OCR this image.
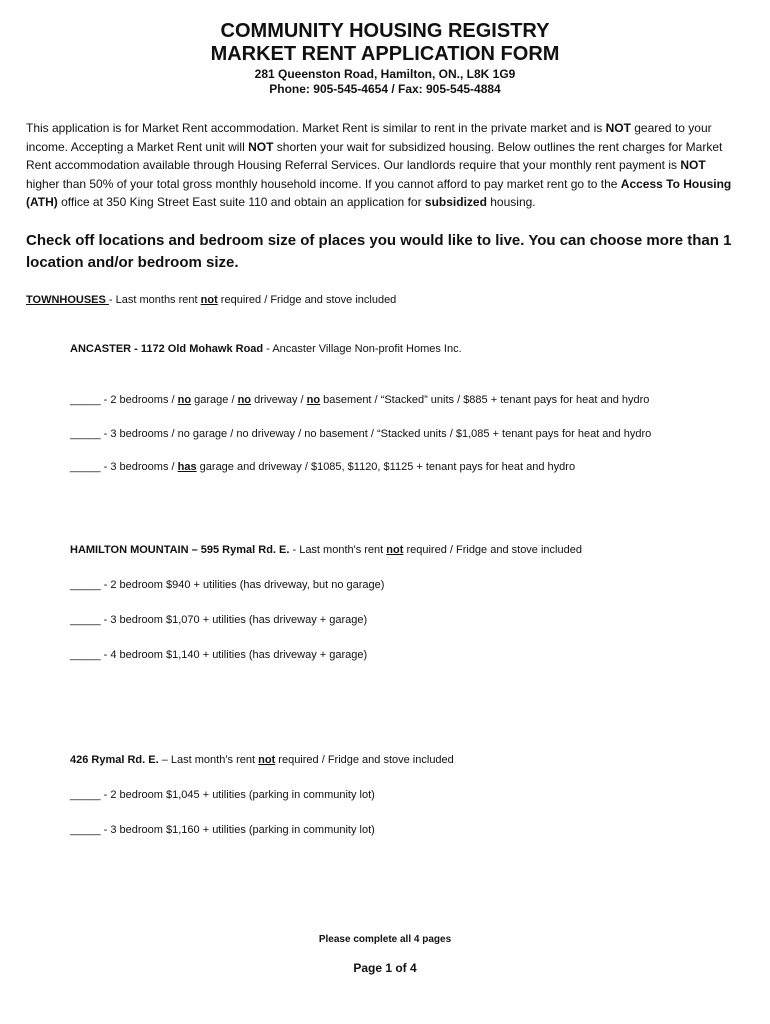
COMMUNITY HOUSING REGISTRY
MARKET RENT APPLICATION FORM
281 Queenston Road, Hamilton, ON., L8K 1G9
Phone: 905-545-4654 / Fax: 905-545-4884

This application is for Market Rent accommodation. Market Rent is similar to rent in the private market and is NOT geared to your income. Accepting a Market Rent unit will NOT shorten your wait for subsidized housing. Below outlines the rent charges for Market Rent accommodation available through Housing Referral Services. Our landlords require that your monthly rent payment is NOT higher than 50% of your total gross monthly household income. If you cannot afford to pay market rent go to the Access To Housing (ATH) office at 350 King Street East suite 110 and obtain an application for subsidized housing.

Check off locations and bedroom size of places you would like to live. You can choose more than 1 location and/or bedroom size.

TOWNHOUSES - Last months rent not required / Fridge and stove included
ANCASTER - 1172 Old Mohawk Road - Ancaster Village Non-profit Homes Inc.
_____ - 2 bedrooms / no garage / no driveway / no basement / “Stacked” units / $885 + tenant pays for heat and hydro
_____ - 3 bedrooms / no garage / no driveway / no basement / “Stacked units / $1,085 + tenant pays for heat and hydro
_____ - 3 bedrooms / has garage and driveway / $1085, $1120, $1125 + tenant pays for heat and hydro
HAMILTON MOUNTAIN – 595 Rymal Rd. E. - Last month's rent not required / Fridge and stove included
_____ - 2 bedroom $940 + utilities (has driveway, but no garage)
_____ - 3 bedroom $1,070 + utilities (has driveway + garage)
_____ - 4 bedroom $1,140 + utilities (has driveway + garage)
426 Rymal Rd. E. – Last month’s rent not required / Fridge and stove included
_____ - 2 bedroom $1,045 + utilities (parking in community lot)
_____ - 3 bedroom $1,160 + utilities (parking in community lot)
Please complete all 4 pages
Page 1 of 4
